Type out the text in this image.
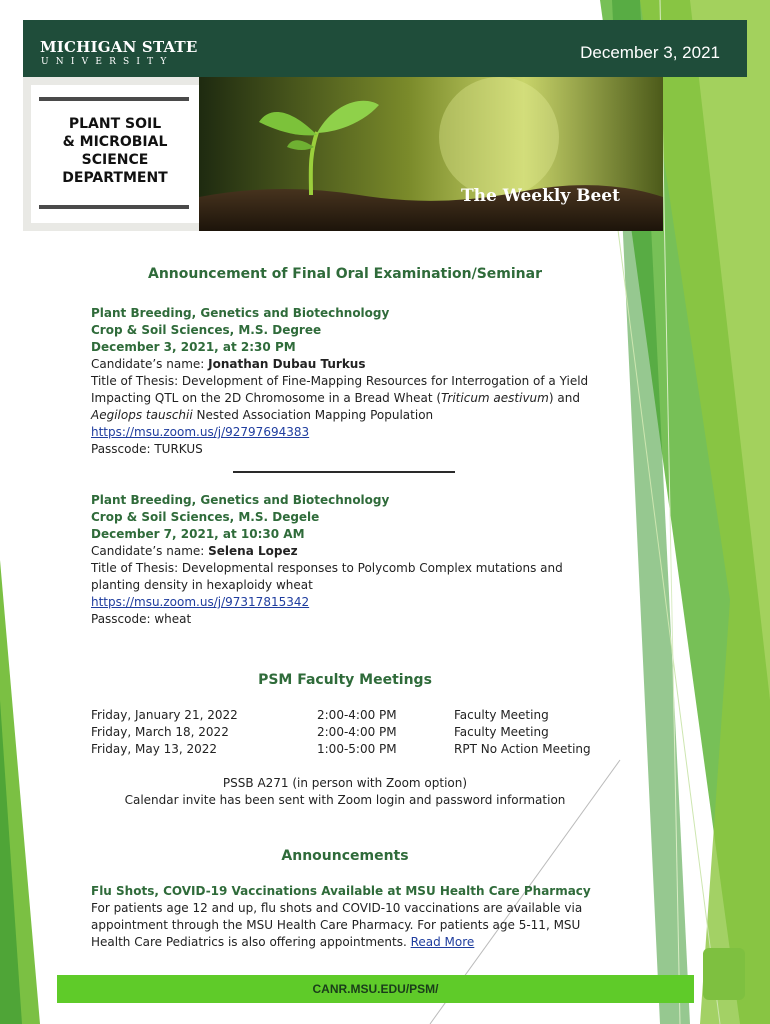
MICHIGAN STATE
UNIVERSITY	December 3, 2021
PLANT SOIL
& MICROBIAL
SCIENCE
DEPARTMENT
The Weekly Beet
Announcement of Final Oral Examination/Seminar
Plant Breeding, Genetics and Biotechnology
Crop & Soil Sciences, M.S. Degree
December 3, 2021, at 2:30 PM
Candidate’s name: Jonathan Dubau Turkus
Title of Thesis: Development of Fine-Mapping Resources for Interrogation of a Yield Impacting QTL on the 2D Chromosome in a Bread Wheat (Triticum aestivum) and Aegilops tauschii Nested Association Mapping Population
https://msu.zoom.us/j/92797694383
Passcode: TURKUS
Plant Breeding, Genetics and Biotechnology
Crop & Soil Sciences, M.S. Degele
December 7, 2021, at 10:30 AM
Candidate’s name: Selena Lopez
Title of Thesis: Developmental responses to Polycomb Complex mutations and planting density in hexaploidy wheat
https://msu.zoom.us/j/97317815342
Passcode: wheat
PSM Faculty Meetings
Friday, January 21, 2022
Friday, March 18, 2022
Friday, May 13, 2022
2:00-4:00 PM
2:00-4:00 PM
1:00-5:00 PM
Faculty Meeting
Faculty Meeting
RPT No Action Meeting
PSSB A271 (in person with Zoom option)
Calendar invite has been sent with Zoom login and password information
Announcements
Flu Shots, COVID-19 Vaccinations Available at MSU Health Care Pharmacy
For patients age 12 and up, flu shots and COVID-10 vaccinations are available via appointment through the MSU Health Care Pharmacy. For patients age 5-11, MSU Health Care Pediatrics is also offering appointments. Read More
CANR.MSU.EDU/PSM/
